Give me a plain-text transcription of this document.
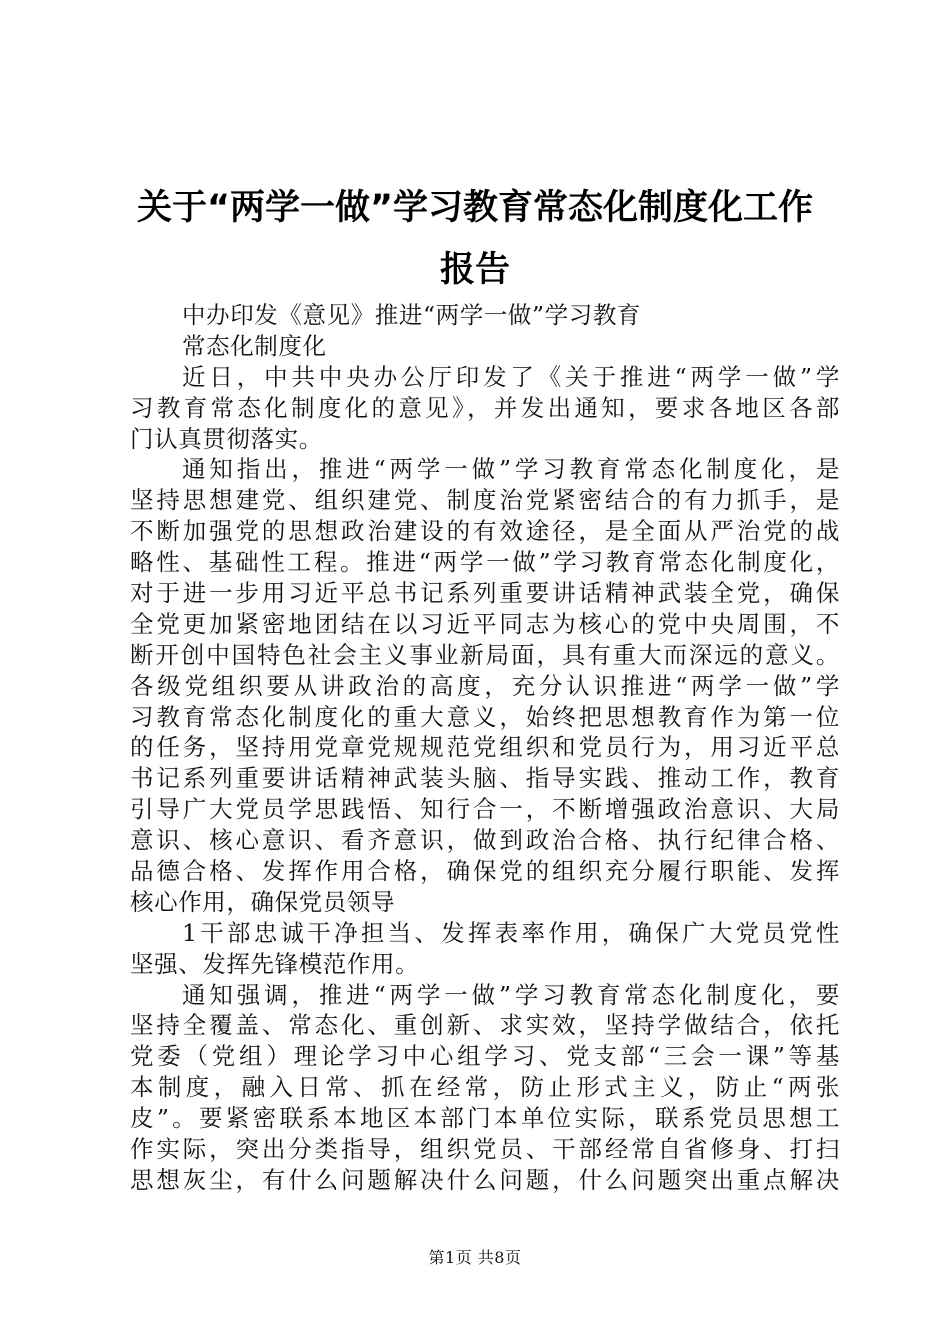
关于“两学一做”学习教育常态化制度化工作
报告
中办印发《意见》推进“两学一做”学习教育
常态化制度化
近日，中共中央办公厅印发了《关于推进“两学一做”学
习教育常态化制度化的意见》，并发出通知，要求各地区各部
门认真贯彻落实。
通知指出，推进“两学一做”学习教育常态化制度化，是
坚持思想建党、组织建党、制度治党紧密结合的有力抓手，是
不断加强党的思想政治建设的有效途径，是全面从严治党的战
略性、基础性工程。推进“两学一做”学习教育常态化制度化，
对于进一步用习近平总书记系列重要讲话精神武装全党，确保
全党更加紧密地团结在以习近平同志为核心的党中央周围，不
断开创中国特色社会主义事业新局面，具有重大而深远的意义。
各级党组织要从讲政治的高度，充分认识推进“两学一做”学
习教育常态化制度化的重大意义，始终把思想教育作为第一位
的任务，坚持用党章党规规范党组织和党员行为，用习近平总
书记系列重要讲话精神武装头脑、指导实践、推动工作，教育
引导广大党员学思践悟、知行合一，不断增强政治意识、大局
意识、核心意识、看齐意识，做到政治合格、执行纪律合格、
品德合格、发挥作用合格，确保党的组织充分履行职能、发挥
核心作用，确保党员领导
1干部忠诚干净担当、发挥表率作用，确保广大党员党性
坚强、发挥先锋模范作用。
通知强调，推进“两学一做”学习教育常态化制度化，要
坚持全覆盖、常态化、重创新、求实效，坚持学做结合，依托
党委（党组）理论学习中心组学习、党支部“三会一课”等基
本制度，融入日常、抓在经常，防止形式主义，防止“两张
皮”。要紧密联系本地区本部门本单位实际，联系党员思想工
作实际，突出分类指导，组织党员、干部经常自省修身、打扫
思想灰尘，有什么问题解决什么问题，什么问题突出重点解决
第1页 共8页
